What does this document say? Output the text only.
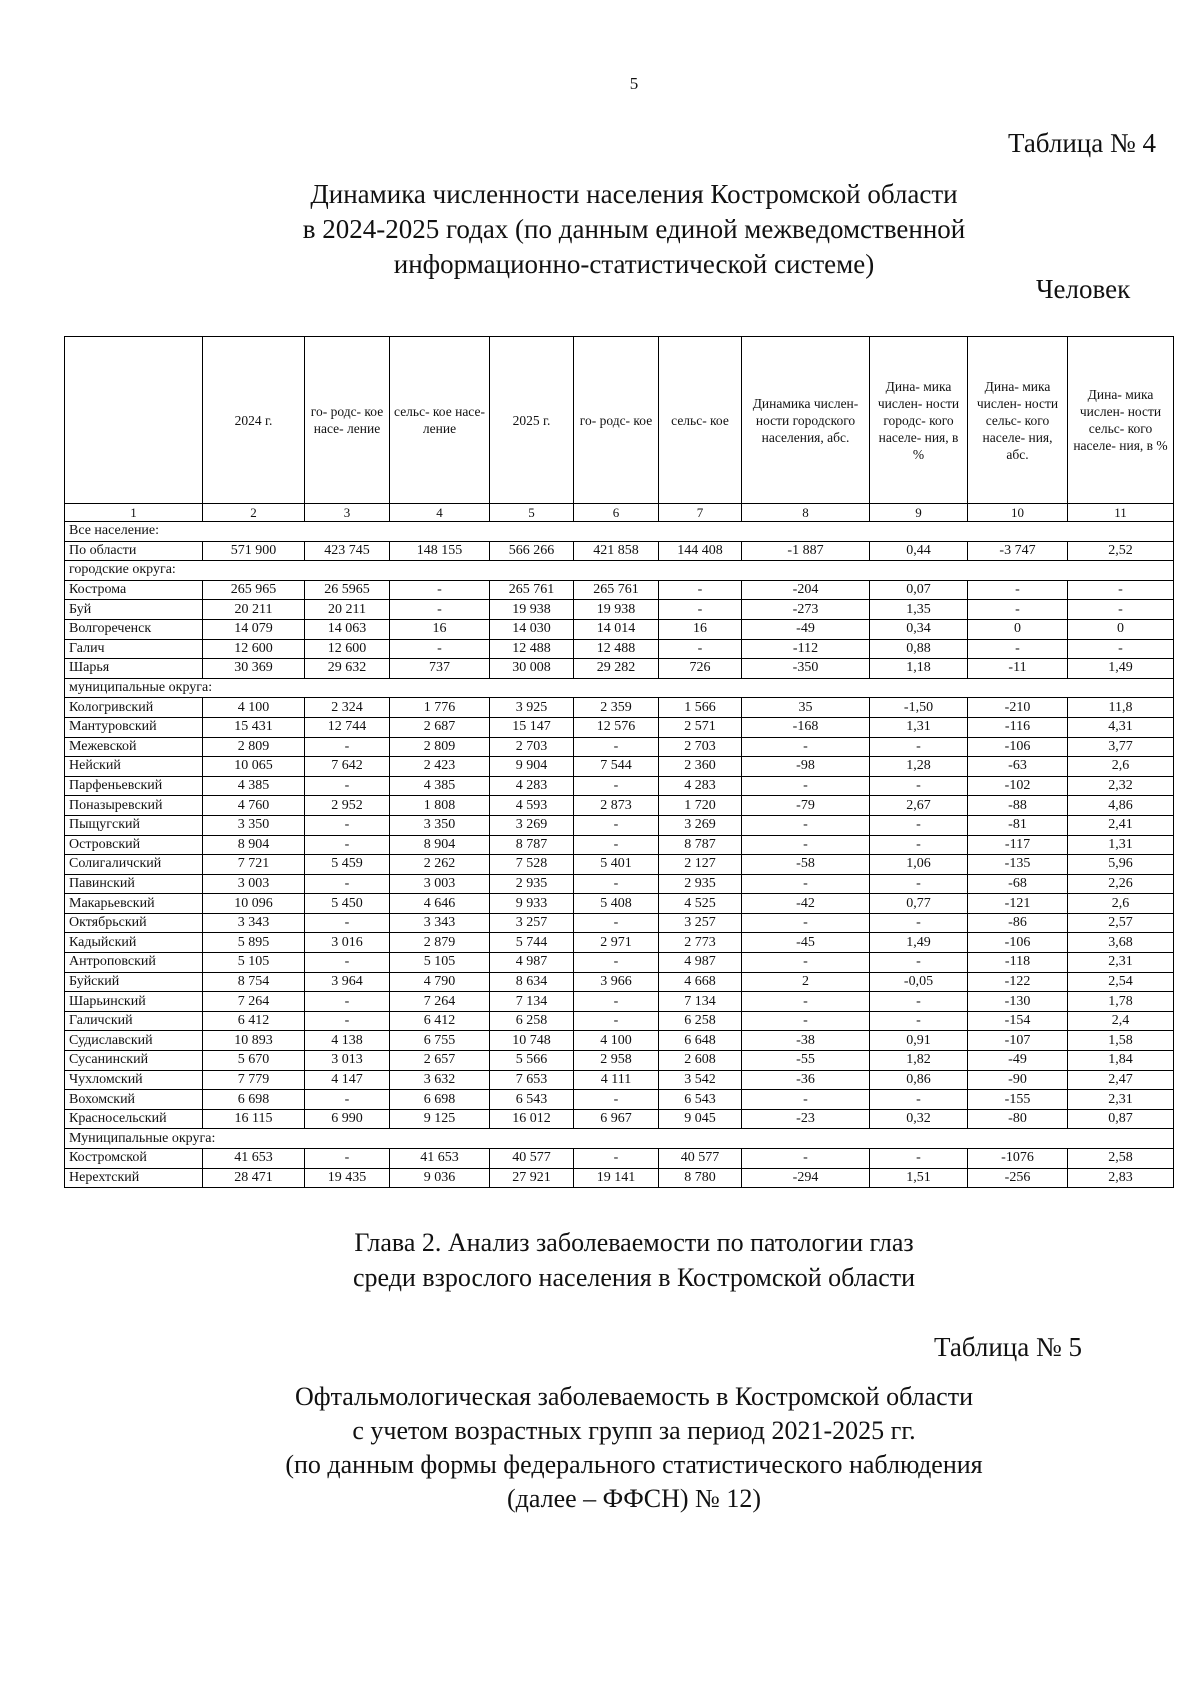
5
Таблица № 4
Динамика численности населения Костромской области
в 2024-2025 годах (по данным единой межведомственной
информационно-статистической системе)
Человек
	2024 г.	го- родс- кое насе- ление	сельс- кое насе- ление	2025 г.	го- родс- кое	сельс- кое	Динамика числен- ности городского населения, абс.	Дина- мика числен- ности городс- кого населе- ния, в %	Дина- мика числен- ности сельс- кого населе- ния, абс.	Дина- мика числен- ности сельс- кого населе- ния, в %
1	2	3	4	5	6	7	8	9	10	11
Все население:										
По области	571 900	423 745	148 155	566 266	421 858	144 408	-1 887	0,44	-3 747	2,52
городские округа:										
Кострома	265 965	26 5965	-	265 761	265 761	-	-204	0,07	-	-
Буй	20 211	20 211	-	19 938	19 938	-	-273	1,35	-	-
Волгореченск	14 079	14 063	16	14 030	14 014	16	-49	0,34	0	0
Галич	12 600	12 600	-	12 488	12 488	-	-112	0,88	-	-
Шарья	30 369	29 632	737	30 008	29 282	726	-350	1,18	-11	1,49
муниципальные округа:										
Кологривский	4 100	2 324	1 776	3 925	2 359	1 566	35	-1,50	-210	11,8
Мантуровский	15 431	12 744	2 687	15 147	12 576	2 571	-168	1,31	-116	4,31
Межевской	2 809	-	2 809	2 703	-	2 703	-	-	-106	3,77
Нейский	10 065	7 642	2 423	9 904	7 544	2 360	-98	1,28	-63	2,6
Парфеньевский	4 385	-	4 385	4 283	-	4 283	-	-	-102	2,32
Поназыревский	4 760	2 952	1 808	4 593	2 873	1 720	-79	2,67	-88	4,86
Пыщугский	3 350	-	3 350	3 269	-	3 269	-	-	-81	2,41
Островский	8 904	-	8 904	8 787	-	8 787	-	-	-117	1,31
Солигаличский	7 721	5 459	2 262	7 528	5 401	2 127	-58	1,06	-135	5,96
Павинский	3 003	-	3 003	2 935	-	2 935	-	-	-68	2,26
Макарьевский	10 096	5 450	4 646	9 933	5 408	4 525	-42	0,77	-121	2,6
Октябрьский	3 343	-	3 343	3 257	-	3 257	-	-	-86	2,57
Кадыйский	5 895	3 016	2 879	5 744	2 971	2 773	-45	1,49	-106	3,68
Антроповский	5 105	-	5 105	4 987	-	4 987	-	-	-118	2,31
Буйский	8 754	3 964	4 790	8 634	3 966	4 668	2	-0,05	-122	2,54
Шарьинский	7 264	-	7 264	7 134	-	7 134	-	-	-130	1,78
Галичский	6 412	-	6 412	6 258	-	6 258	-	-	-154	2,4
Судиславский	10 893	4 138	6 755	10 748	4 100	6 648	-38	0,91	-107	1,58
Сусанинский	5 670	3 013	2 657	5 566	2 958	2 608	-55	1,82	-49	1,84
Чухломский	7 779	4 147	3 632	7 653	4 111	3 542	-36	0,86	-90	2,47
Вохомский	6 698	-	6 698	6 543	-	6 543	-	-	-155	2,31
Красносельский	16 115	6 990	9 125	16 012	6 967	9 045	-23	0,32	-80	0,87
Муниципальные округа:										
Костромской	41 653	-	41 653	40 577	-	40 577	-	-	-1076	2,58
Нерехтский	28 471	19 435	9 036	27 921	19 141	8 780	-294	1,51	-256	2,83
Глава 2. Анализ заболеваемости по патологии глаз
среди взрослого населения в Костромской области
Таблица № 5
Офтальмологическая заболеваемость в Костромской области
с учетом возрастных групп за период 2021-2025 гг.
(по данным формы федерального статистического наблюдения
(далее – ФФСН) № 12)
